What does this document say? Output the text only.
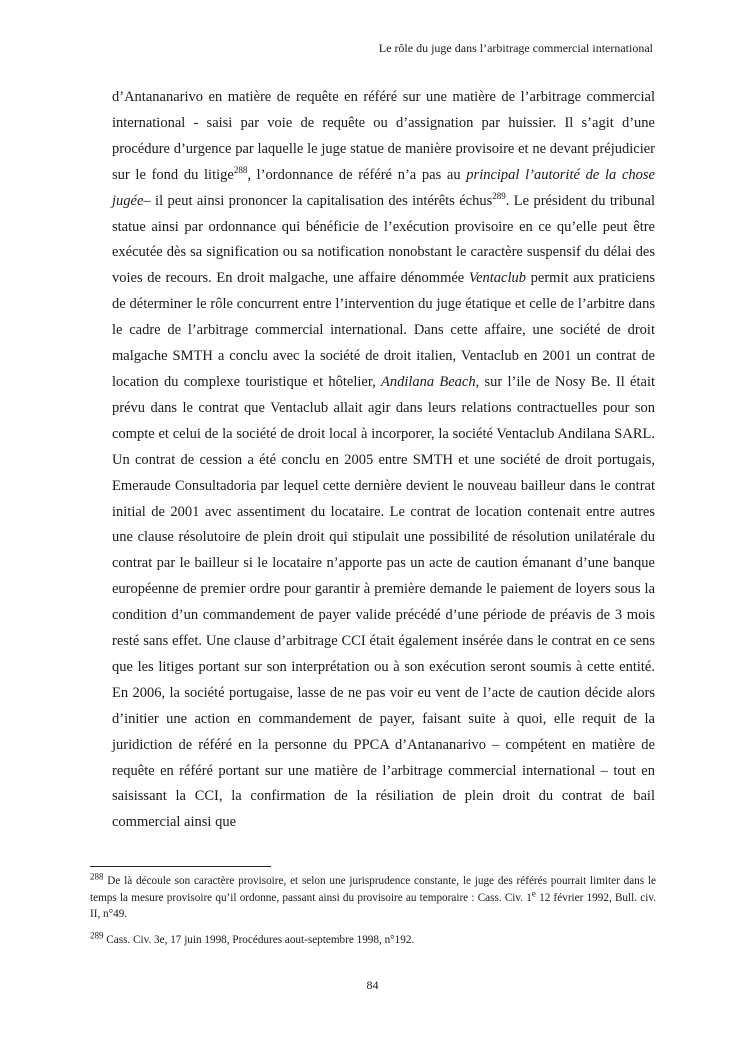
Le rôle du juge dans l’arbitrage commercial international

d’Antananarivo en matière de requête en référé sur une matière de l’arbitrage commercial international - saisi par voie de requête ou d’assignation par huissier. Il s’agit d’une procédure d’urgence par laquelle le juge statue de manière provisoire et ne devant préjudicier sur le fond du litige$^{288}$, l’ordonnance de référé n’a pas au principal l’autorité de la chose jugée– il peut ainsi prononcer la capitalisation des intérêts échus$^{289}$. Le président du tribunal statue ainsi par ordonnance qui bénéficie de l’exécution provisoire en ce qu’elle peut être exécutée dès sa signification ou sa notification nonobstant le caractère suspensif du délai des voies de recours. En droit malgache, une affaire dénommée Ventaclub permit aux praticiens de déterminer le rôle concurrent entre l’intervention du juge étatique et celle de l’arbitre dans le cadre de l’arbitrage commercial international. Dans cette affaire, une société de droit malgache SMTH a conclu avec la société de droit italien, Ventaclub en 2001 un contrat de location du complexe touristique et hôtelier, Andilana Beach, sur l’ile de Nosy Be. Il était prévu dans le contrat que Ventaclub allait agir dans leurs relations contractuelles pour son compte et celui de la société de droit local à incorporer, la société Ventaclub Andilana SARL. Un contrat de cession a été conclu en 2005 entre SMTH et une société de droit portugais, Emeraude Consultadoria par lequel cette dernière devient le nouveau bailleur dans le contrat initial de 2001 avec assentiment du locataire. Le contrat de location contenait entre autres une clause résolutoire de plein droit qui stipulait une possibilité de résolution unilatérale du contrat par le bailleur si le locataire n’apporte pas un acte de caution émanant d’une banque européenne de premier ordre pour garantir à première demande le paiement de loyers sous la condition d’un commandement de payer valide précédé d’une période de préavis de 3 mois resté sans effet. Une clause d’arbitrage CCI était également insérée dans le contrat en ce sens que les litiges portant sur son interprétation ou à son exécution seront soumis à cette entité. En 2006, la société portugaise, lasse de ne pas voir eu vent de l’acte de caution décide alors d’initier une action en commandement de payer, faisant suite à quoi, elle requit de la juridiction de référé en la personne du PPCA d’Antananarivo – compétent en matière de requête en référé portant sur une matière de l’arbitrage commercial international – tout en saisissant la CCI, la confirmation de la résiliation de plein droit du contrat de bail commercial ainsi que

$^{288}$ De là découle son caractère provisoire, et selon une jurisprudence constante, le juge des référés pourrait limiter dans le temps la mesure provisoire qu’il ordonne, passant ainsi du provisoire au temporaire : Cass. Civ. 1e 12 février 1992, Bull. civ. II, n°49.

$^{289}$ Cass. Civ. 3e, 17 juin 1998, Procédures aout-septembre 1998, n°192.

84
